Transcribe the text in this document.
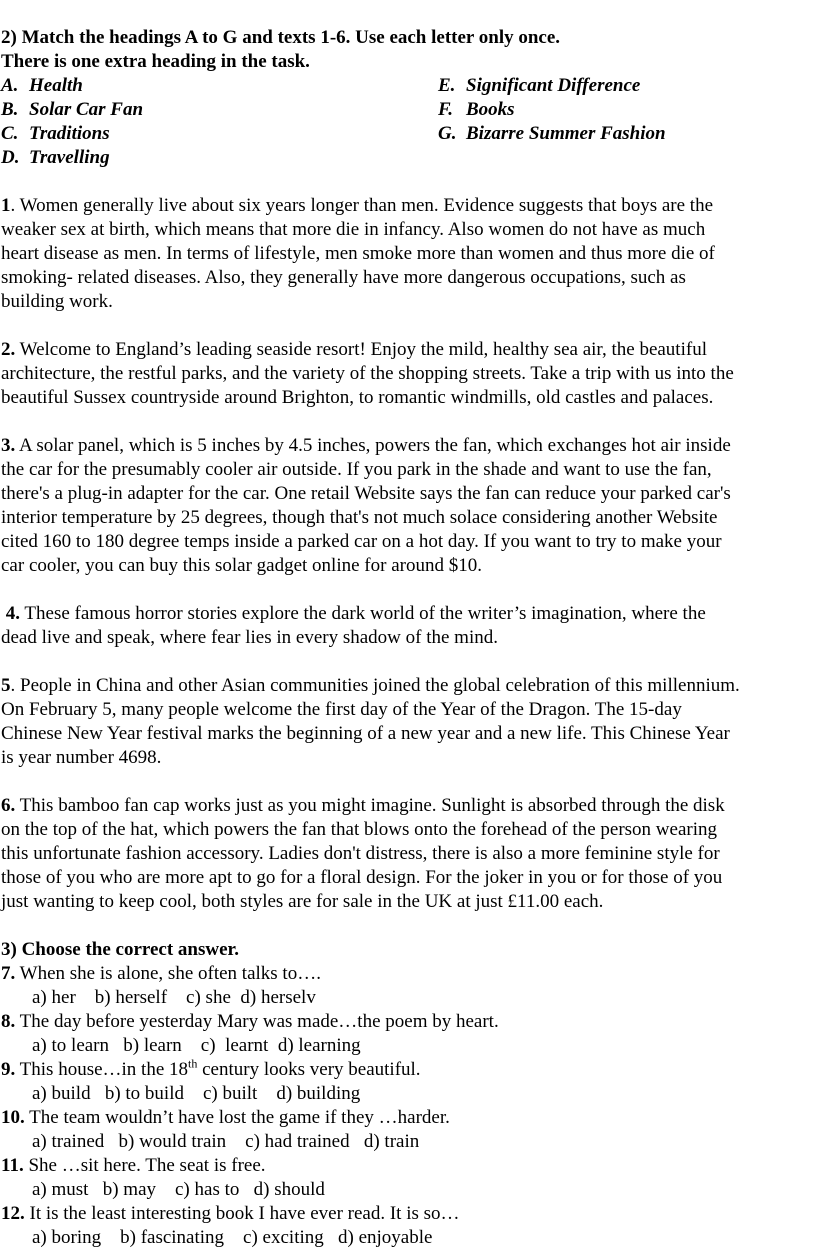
2) Match the headings A to G and texts 1-6. Use each letter only once.
There is one extra heading in the task.
A. Health	E. Significant Difference
B. Solar Car Fan	F. Books
C. Traditions	G. Bizarre Summer Fashion
D. Travelling
1. Women generally live about six years longer than men. Evidence suggests that boys are the
weaker sex at birth, which means that more die in infancy. Also women do not have as much
heart disease as men. In terms of lifestyle, men smoke more than women and thus more die of
smoking- related diseases. Also, they generally have more dangerous occupations, such as
building work.
2. Welcome to England’s leading seaside resort! Enjoy the mild, healthy sea air, the beautiful
architecture, the restful parks, and the variety of the shopping streets. Take a trip with us into the
beautiful Sussex countryside around Brighton, to romantic windmills, old castles and palaces.
3. A solar panel, which is 5 inches by 4.5 inches, powers the fan, which exchanges hot air inside
the car for the presumably cooler air outside. If you park in the shade and want to use the fan,
there's a plug-in adapter for the car. One retail Website says the fan can reduce your parked car's
interior temperature by 25 degrees, though that's not much solace considering another Website
cited 160 to 180 degree temps inside a parked car on a hot day. If you want to try to make your
car cooler, you can buy this solar gadget online for around $10.
4. These famous horror stories explore the dark world of the writer’s imagination, where the
dead live and speak, where fear lies in every shadow of the mind.
5. People in China and other Asian communities joined the global celebration of this millennium.
On February 5, many people welcome the first day of the Year of the Dragon. The 15-day
Chinese New Year festival marks the beginning of a new year and a new life. This Chinese Year
is year number 4698.
6. This bamboo fan cap works just as you might imagine. Sunlight is absorbed through the disk
on the top of the hat, which powers the fan that blows onto the forehead of the person wearing
this unfortunate fashion accessory. Ladies don't distress, there is also a more feminine style for
those of you who are more apt to go for a floral design. For the joker in you or for those of you
just wanting to keep cool, both styles are for sale in the UK at just £11.00 each.
3) Choose the correct answer.
7. When she is alone, she often talks to….
a) her    b) herself    c) she  d) herselv
8. The day before yesterday Mary was made…the poem by heart.
a) to learn   b) learn    c)  learnt  d) learning
9. This house…in the 18th century looks very beautiful.
a) build   b) to build    c) built    d) building
10. The team wouldn’t have lost the game if they …harder.
a) trained   b) would train    c) had trained   d) train
11. She …sit here. The seat is free.
a) must   b) may    c) has to   d) should
12. It is the least interesting book I have ever read. It is so…
a) boring    b) fascinating    c) exciting   d) enjoyable
